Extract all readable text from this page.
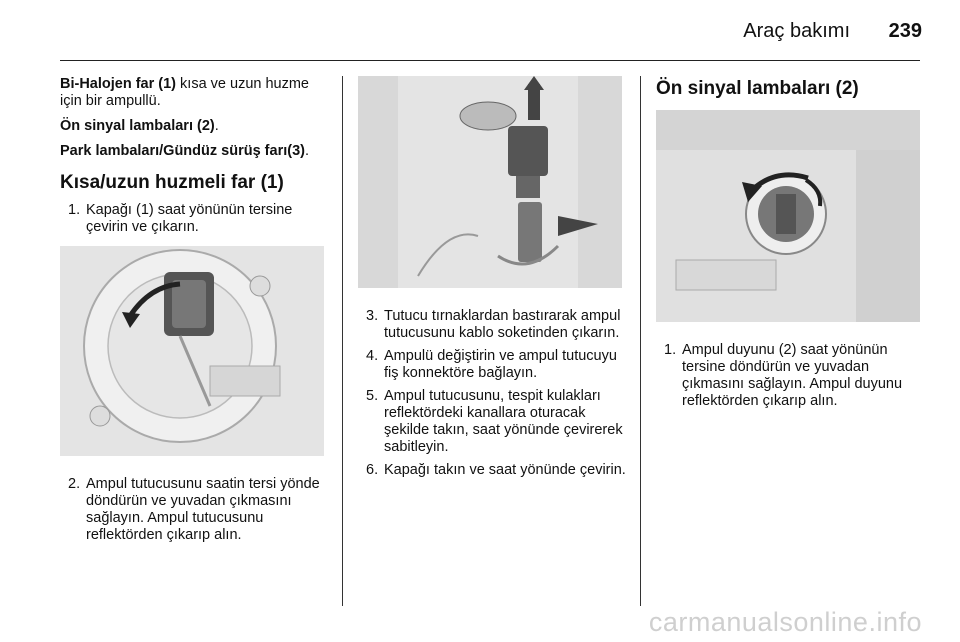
Araç bakımı 239

Bi-Halojen far (1) kısa ve uzun huzme için bir ampullü.

Ön sinyal lambaları (2).

Park lambaları/Gündüz sürüş farı(3).

Kısa/uzun huzmeli far (1)
1. Kapağı (1) saat yönünün tersine çevirin ve çıkarın.
2. Ampul tutucusunu saatin tersi yönde döndürün ve yuvadan çıkmasını sağlayın. Ampul tutucusunu reflektörden çıkarıp alın.
3. Tutucu tırnaklardan bastırarak ampul tutucusunu kablo soketinden çıkarın.
4. Ampulü değiştirin ve ampul tutucuyu fiş konnektöre bağlayın.
5. Ampul tutucusunu, tespit kulakları reflektördeki kanallara oturacak şekilde takın, saat yönünde çevirerek sabitleyin.
6. Kapağı takın ve saat yönünde çevirin.
Ön sinyal lambaları (2)
1. Ampul duyunu (2) saat yönünün tersine döndürün ve yuvadan çıkmasını sağlayın. Ampul duyunu reflektörden çıkarıp alın.
carmanualsonline.info
